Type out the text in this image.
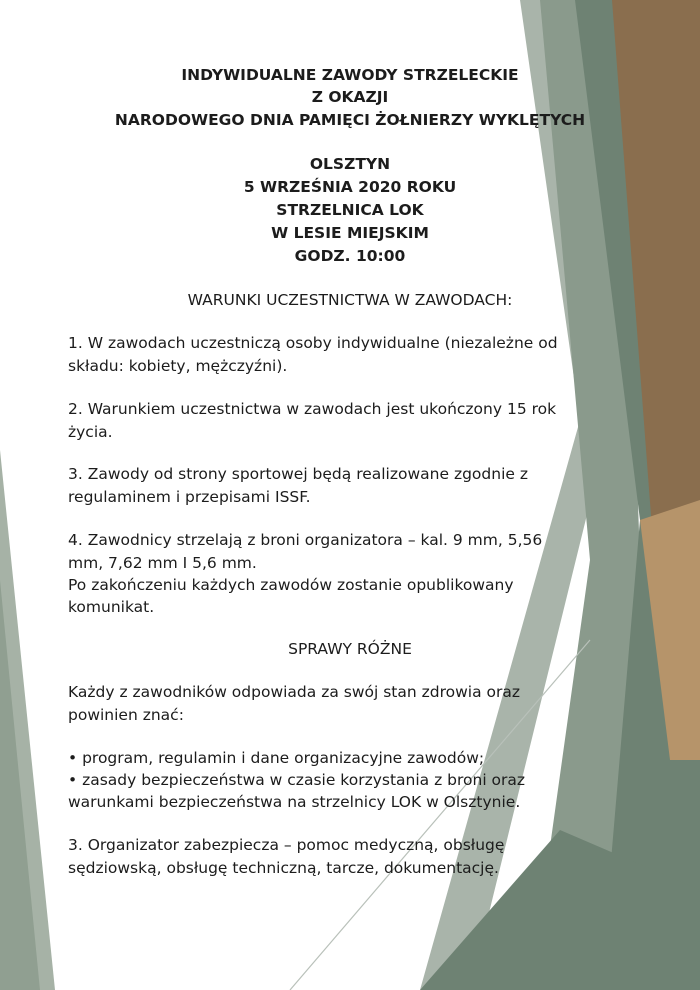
INDYWIDUALNE ZAWODY STRZELECKIE
Z OKAZJI
NARODOWEGO DNIA PAMIĘCI ŻOŁNIERZY WYKLĘTYCH
OLSZTYN
5 WRZEŚNIA 2020 ROKU
STRZELNICA LOK
W LESIE MIEJSKIM
GODZ. 10:00
WARUNKI UCZESTNICTWA W ZAWODACH:
1. W zawodach uczestniczą osoby indywidualne (niezależne od
składu: kobiety, mężczyźni).
2. Warunkiem uczestnictwa w zawodach jest ukończony 15 rok
życia.
3. Zawody od strony sportowej będą realizowane zgodnie z
regulaminem i przepisami ISSF.
4. Zawodnicy strzelają z broni organizatora – kal. 9 mm, 5,56
mm, 7,62 mm I 5,6 mm.
Po zakończeniu każdych zawodów zostanie opublikowany
komunikat.
SPRAWY RÓŻNE
Każdy z zawodników odpowiada za swój stan zdrowia oraz
powinien znać:
• program, regulamin i dane organizacyjne zawodów;
• zasady bezpieczeństwa w czasie korzystania z broni oraz
warunkami bezpieczeństwa na strzelnicy LOK w Olsztynie.
3. Organizator zabezpiecza – pomoc medyczną, obsługę
sędziowską, obsługę techniczną, tarcze, dokumentację.
